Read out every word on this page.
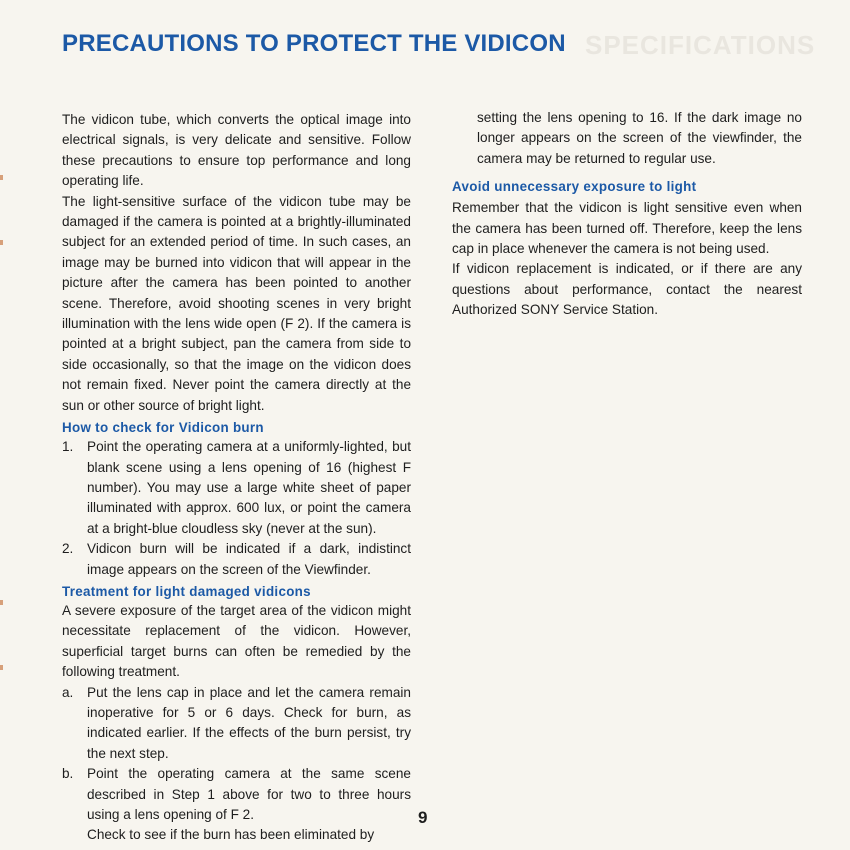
SPECIFICATIONS
PRECAUTIONS TO PROTECT THE VIDICON

The vidicon tube, which converts the optical image into electrical signals, is very delicate and sensitive. Follow these precautions to ensure top performance and long operating life.

The light-sensitive surface of the vidicon tube may be damaged if the camera is pointed at a brightly-illuminated subject for an extended period of time. In such cases, an image may be burned into vidicon that will appear in the picture after the camera has been pointed to another scene. Therefore, avoid shooting scenes in very bright illumination with the lens wide open (F 2). If the camera is pointed at a bright subject, pan the camera from side to side occasionally, so that the image on the vidicon does not remain fixed. Never point the camera directly at the sun or other source of bright light.

How to check for Vidicon burn
1. Point the operating camera at a uniformly-lighted, but blank scene using a lens opening of 16 (highest F number). You may use a large white sheet of paper illuminated with approx. 600 lux, or point the camera at a bright-blue cloudless sky (never at the sun).
2. Vidicon burn will be indicated if a dark, indistinct image appears on the screen of the Viewfinder.
Treatment for light damaged vidicons

A severe exposure of the target area of the vidicon might necessitate replacement of the vidicon. However, superficial target burns can often be remedied by the following treatment.

a. Put the lens cap in place and let the camera remain inoperative for 5 or 6 days. Check for burn, as indicated earlier. If the effects of the burn persist, try the next step.
b. Point the operating camera at the same scene described in Step 1 above for two to three hours using a lens opening of F 2.

Check to see if the burn has been eliminated by

setting the lens opening to 16. If the dark image no longer appears on the screen of the viewfinder, the camera may be returned to regular use.

Avoid unnecessary exposure to light

Remember that the vidicon is light sensitive even when the camera has been turned off. Therefore, keep the lens cap in place whenever the camera is not being used.

If vidicon replacement is indicated, or if there are any questions about performance, contact the nearest Authorized SONY Service Station.

9
